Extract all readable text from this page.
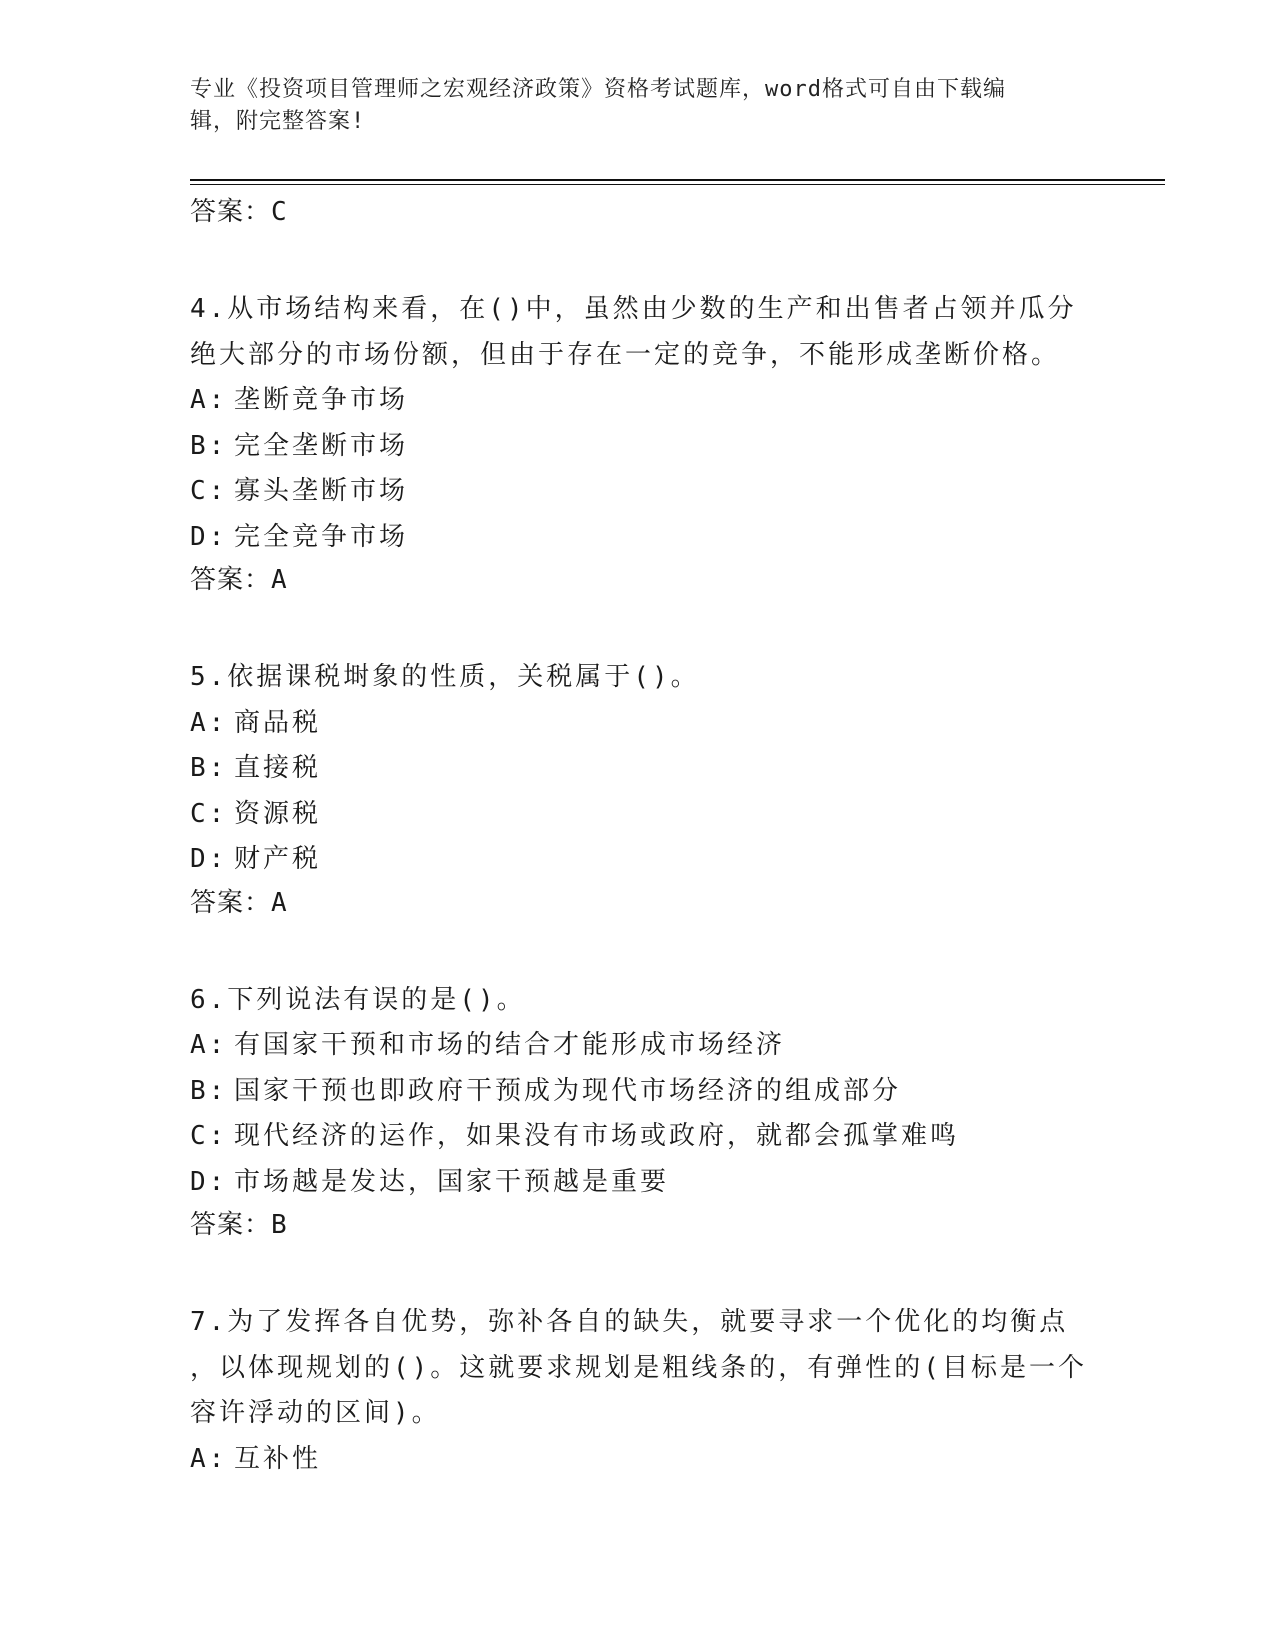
专业《投资项目管理师之宏观经济政策》资格考试题库，word格式可自由下载编
辑，附完整答案!
答案：C
4.从市场结构来看，在()中，虽然由少数的生产和出售者占领并瓜分
绝大部分的市场份额，但由于存在一定的竞争，不能形成垄断价格。
A: 垄断竞争市场
B: 完全垄断市场
C: 寡头垄断市场
D: 完全竞争市场
答案：A
5.依据课税埘象的性质，关税属于()。
A: 商品税
B: 直接税
C: 资源税
D: 财产税
答案：A
6.下列说法有误的是()。
A: 有国家干预和市场的结合才能形成市场经济
B: 国家干预也即政府干预成为现代市场经济的组成部分
C: 现代经济的运作，如果没有市场或政府，就都会孤掌难鸣
D: 市场越是发达，国家干预越是重要
答案：B
7.为了发挥各自优势，弥补各自的缺失，就要寻求一个优化的均衡点
，以体现规划的()。这就要求规划是粗线条的，有弹性的(目标是一个
容许浮动的区间)。
A: 互补性
